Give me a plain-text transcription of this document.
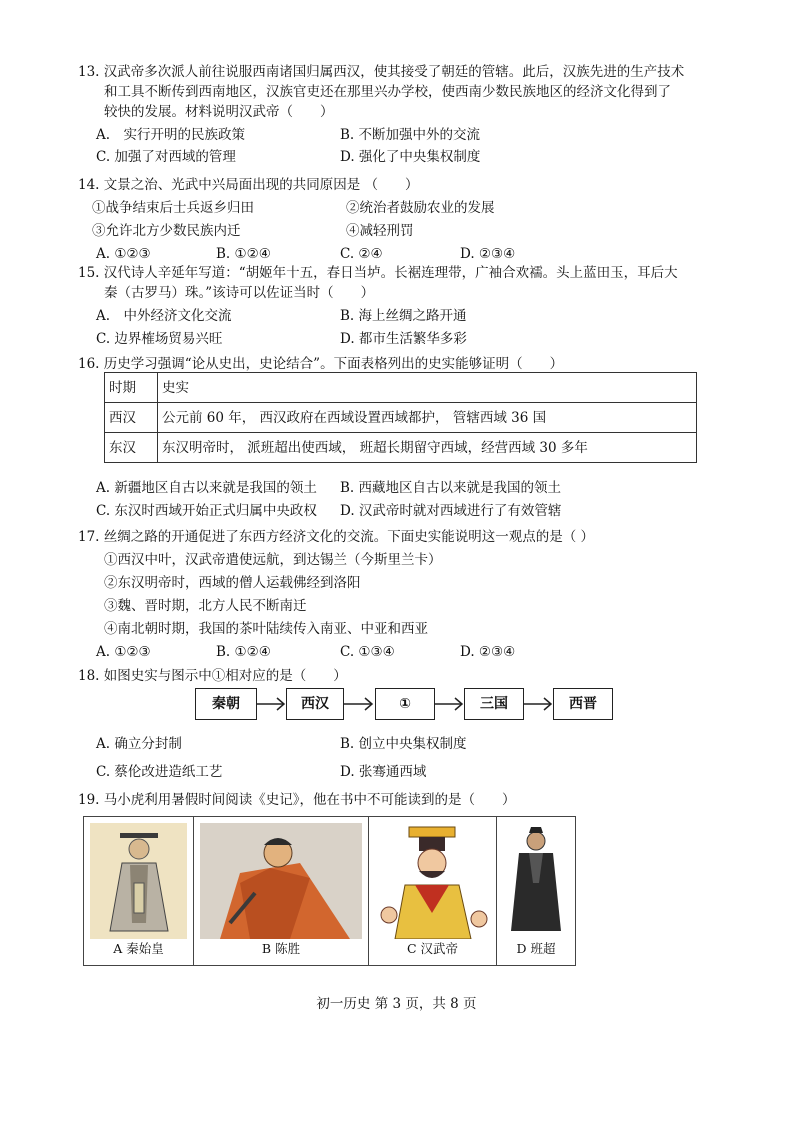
13. 汉武帝多次派人前往说服西南诸国归属西汉，使其接受了朝廷的管辖。此后，汉族先进的生产技术
和工具不断传到西南地区，汉族官吏还在那里兴办学校，使西南少数民族地区的经济文化得到了
较快的发展。材料说明汉武帝（　　）
A.　实行开明的民族政策	B. 不断加强中外的交流
C. 加强了对西域的管理	D. 强化了中央集权制度
14. 文景之治、光武中兴局面出现的共同原因是 （　　）
①战争结束后士兵返乡归田	②统治者鼓励农业的发展
③允许北方少数民族内迁	④减轻刑罚
A. ①②③	B. ①②④	C. ②④	D. ②③④
15. 汉代诗人辛延年写道：“胡姬年十五，春日当垆。长裾连理带，广袖合欢襦。头上蓝田玉，耳后大
秦（古罗马）珠。”该诗可以佐证当时（　　）
A.　中外经济文化交流	B. 海上丝绸之路开通
C. 边界榷场贸易兴旺	D. 都市生活繁华多彩
16. 历史学习强调“论从史出，史论结合”。下面表格列出的史实能够证明（　　）
时期	史实
西汉	公元前 60 年， 西汉政府在西域设置西域都护， 管辖西域 36 国
东汉	东汉明帝时， 派班超出使西域， 班超长期留守西域，经营西域 30 多年
A. 新疆地区自古以来就是我国的领土 B. 西藏地区自古以来就是我国的领土
C. 东汉时西域开始正式归属中央政权 D. 汉武帝时就对西域进行了有效管辖
17. 丝绸之路的开通促进了东西方经济文化的交流。下面史实能说明这一观点的是（ ）
①西汉中叶，汉武帝遣使远航，到达锡兰（今斯里兰卡）
②东汉明帝时，西域的僧人运载佛经到洛阳
③魏、晋时期，北方人民不断南迁
④南北朝时期，我国的茶叶陆续传入南亚、中亚和西亚
A. ①②③	B. ①②④	C. ①③④	D. ②③④
18. 如图史实与图示中①相对应的是（　　）
秦朝	西汉	①	三国	西晋
A. 确立分封制	B. 创立中央集权制度
C. 蔡伦改进造纸工艺	D. 张骞通西域
19. 马小虎利用暑假时间阅读《史记》，他在书中不可能读到的是（　　）
A 秦始皇	B 陈胜	C 汉武帝	D 班超
初一历史 第 3 页，共 8 页
